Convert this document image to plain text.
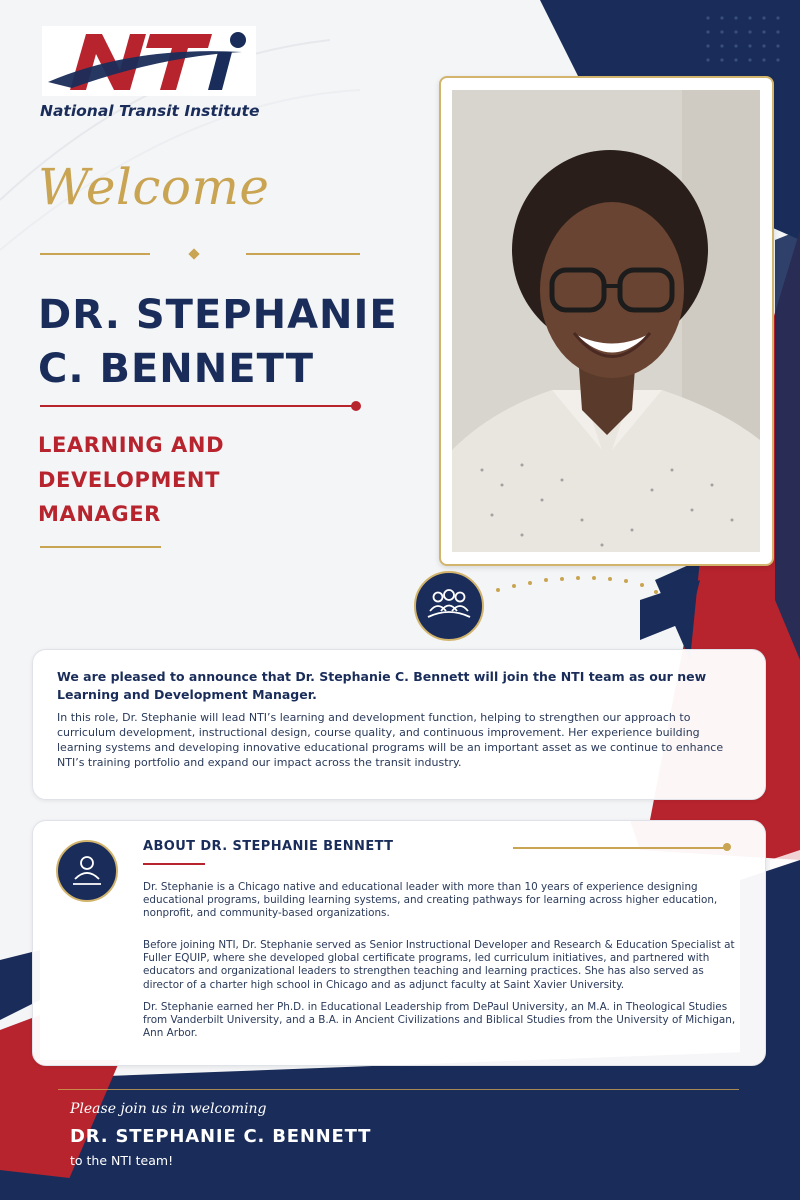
National Transit Institute
Welcome
DR. STEPHANIE C. BENNETT
LEARNING AND DEVELOPMENT MANAGER
We are pleased to announce that Dr. Stephanie C. Bennett will join the NTI team as our new Learning and Development Manager.
In this role, Dr. Stephanie will lead NTI’s learning and development function, helping to strengthen our approach to curriculum development, instructional design, course quality, and continuous improvement. Her experience building learning systems and developing innovative educational programs will be an important asset as we continue to enhance NTI’s training portfolio and expand our impact across the transit industry.
ABOUT DR. STEPHANIE BENNETT
Dr. Stephanie is a Chicago native and educational leader with more than 10 years of experience designing educational programs, building learning systems, and creating pathways for learning across higher education, nonprofit, and community-based organizations.
Before joining NTI, Dr. Stephanie served as Senior Instructional Developer and Research & Education Specialist at Fuller EQUIP, where she developed global certificate programs, led curriculum initiatives, and partnered with educators and organizational leaders to strengthen teaching and learning practices. She has also served as director of a charter high school in Chicago and as adjunct faculty at Saint Xavier University.
Dr. Stephanie earned her Ph.D. in Educational Leadership from DePaul University, an M.A. in Theological Studies from Vanderbilt University, and a B.A. in Ancient Civilizations and Biblical Studies from the University of Michigan, Ann Arbor.
Please join us in welcoming
DR. STEPHANIE C. BENNETT
to the NTI team!
